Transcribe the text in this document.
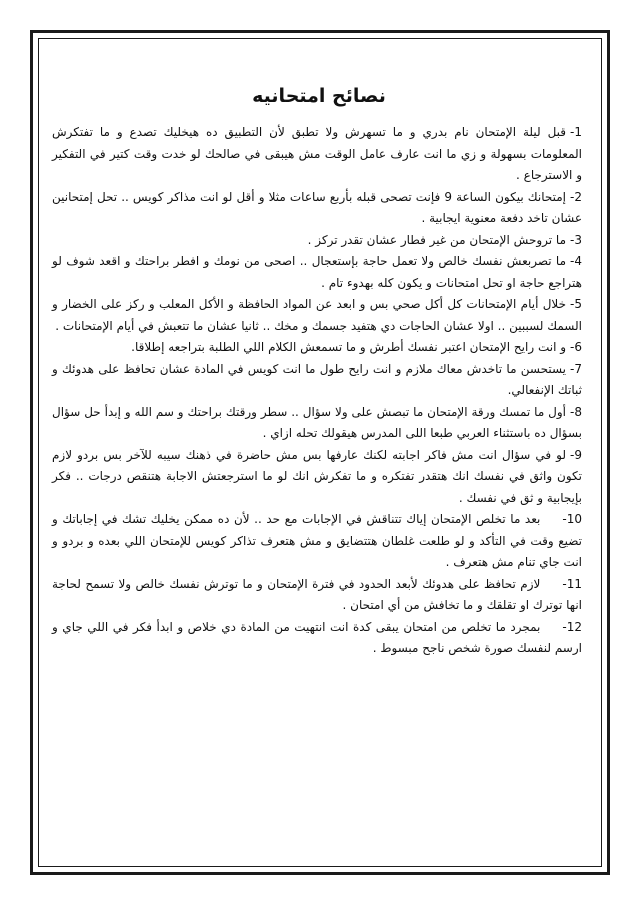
نصائح امتحانيه

1-قبل ليلة الإمتحان نام بدري و ما تسهرش ولا تطبق لأن التطبيق ده هيخليك تصدع و ما تفتكرش المعلومات بسهولة و زي ما انت عارف عامل الوقت مش هيبقى في صالحك لو خدت وقت كتير في التفكير و الاسترجاع .

2-إمتحانك بيكون الساعة 9 فإنت تصحى قبله بأربع ساعات مثلا و أقل لو انت مذاكر كويس .. تحل إمتحانين عشان تاخد دفعة معنوية ايجابية .

3-ما تروحش الإمتحان من غير فطار عشان تقدر تركز .

4-ما تصربعش نفسك خالص ولا تعمل حاجة بإستعجال .. اصحى من نومك و افطر براحتك و اقعد شوف لو هتراجع حاجة او تحل امتحانات و يكون كله بهدوء تام .

5-خلال أيام الإمتحانات كل أكل صحي بس و ابعد عن المواد الحافظة و الأكل المعلب و ركز على الخضار و السمك لسببين .. اولا عشان الحاجات دي هتفيد جسمك و مخك .. ثانيا عشان ما تتعبش في أيام الإمتحانات .

6-و انت رايح الإمتحان اعتبر نفسك أطرش و ما تسمعش الكلام اللي الطلبة بتراجعه إطلاقا.

7-يستحسن ما تاخدش معاك ملازم و انت رايح طول ما انت كويس في المادة عشان تحافظ على هدوئك و ثباتك الإنفعالي.

8-أول ما تمسك ورقة الإمتحان ما تبصش على ولا سؤال .. سطر ورقتك براحتك و سم الله و إبدأ حل سؤال بسؤال ده باستثناء العربي طبعا اللى المدرس هيقولك تحله ازاي .

9-لو في سؤال انت مش فاكر اجابته لكنك عارفها بس مش حاضرة في ذهنك سيبه للآخر بس بردو لازم تكون واثق في نفسك انك هتقدر تفتكره و ما تفكرش انك لو ما استرجعتش الاجابة هتنقص درجات .. فكر بإيجابية و ثق في نفسك .

10-بعد ما تخلص الإمتحان إياك تتناقش في الإجابات مع حد .. لأن ده ممكن يخليك تشك في إجاباتك و تضيع وقت في التأكد و لو طلعت غلطان هتتضايق و مش هتعرف تذاكر كويس للإمتحان اللي بعده و بردو و انت جاي تنام مش هتعرف .

11-لازم تحافظ على هدوئك لأبعد الحدود في فترة الإمتحان و ما توترش نفسك خالص ولا تسمح لحاجة انها توترك او تقلقك و ما تخافش من أي امتحان .

12-بمجرد ما تخلص من امتحان يبقى كدة انت انتهيت من المادة دي خلاص و ابدأ فكر في اللي جاي و ارسم لنفسك صورة شخص ناجح مبسوط .
